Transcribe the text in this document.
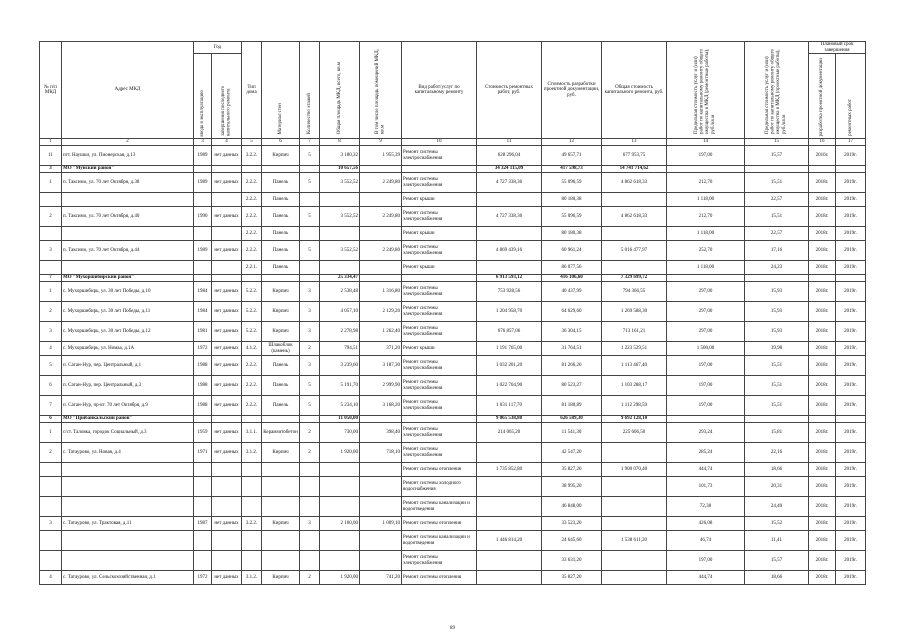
№ п/п МКД	Адрес МКД	Год		Тип дома	Материал стен	Количество этажей	Общая площадь МКД, всего, кв.м	В том числе площадь помещений МКД, кв.м	Вид работ/услуг по капитальному ремонту	Стоимость ремонтных работ, руб.	Стоимость разработки проектной документации, руб.	Общая стоимость капитального ремонта, руб.	Предельная стоимость услуг и (или) работ по капитальному ремонту общего имущества в МКД (ремонтные работы), руб./кв.м	Предельная стоимость услуг и (или) работ по капитальному ремонту общего имущества в МКД (проектные работы), руб./кв.м	Плановый срок завершения	

		ввода в эксплуатацию	завершения последнего капитального ремонта												разработка проектной документации	ремонтных работ

1	2	3	4	5	6	7	8	9	10	11	12	13	14	15	16	17
11	пгт. Наушки, ул. Пионерская, д.13	1989	нет данных	3.2.2.	Кирпич	5	3 180,32	1 955,39	Ремонт системы электроснабжения	628 296,04	49 657,71	677 953,75	197,00	15,57	2016г.	2019г.
3	МО "Муйский район"						10 657,56			34 324 115,09	417 598,73	14 741 714,62				
1	п. Таксимо, ул. 70 лет Октября, д.38	1989	нет данных	2.2.2.	Панель	5	3 552,52	2 249,80	Ремонт системы электроснабжения	4 727 338,36	55 096,59	4 862 618,33	212,70	15,51	2018г.	2019г.
				2.2.2.	Панель				Ремонт крыши		80 180,38		1 118,00	22,57	2018г.	2019г.
2	п. Таксимо, ул. 70 лет Октября, д.40	1990	нет данных	2.2.2.	Панель	5	3 552,52	2 249,80	Ремонт системы электроснабжения	4 727 338,36	55 096,59	4 862 618,33	212,70	15,51	2018г.	2019г.
				2.2.2.	Панель				Ремонт крыши		80 180,38		1 118,00	22,57	2018г.	2019г.
3	п. Таксимо, ул. 70 лет Октября, д.44	1989	нет данных	2.2.2.	Панель	5	3 552,52	2 249,80	Ремонт системы электроснабжения	4 869 439,16	60 961,24	5 016 477,97	252,70	17,16	2018г.	2019г.
				2.2.1.	Панель				Ремонт крыши		86 077,56		1 118,00	24,23	2018г.	2019г.
7	МО "Мухоршибирский район"						25 334,47			6 913 593,12	416 106,60	7 329 699,72				
1	с. Мухоршибирь, ул. 30 лет Победы, д.10	1984	нет данных	5.2.2.	Кирпич	3	2 538,48	1 316,80	Ремонт системы электроснабжения	753 928,56	40 437,99	794 366,55	297,00	15,93	2018г.	2019г.
2	с. Мухоршибирь, ул. 30 лет Победы, д.11	1984	нет данных	5.2.2.	Кирпич	3	4 057,10	2 129,20	Ремонт системы электроснабжения	1 204 958,70	64 629,60	1 269 588,30	297,00	15,93	2018г.	2019г.
3	с. Мухоршибирь, ул. 30 лет Победы, д.12	1981	нет данных	5.2.2.	Кирпич	3	2 278,98	1 262,40	Ремонт системы электроснабжения	676 857,06	36 304,15	713 161,21	297,00	15,93	2018г.	2019г.
4	с. Мухоршибирь, ул. Номаа, д.1А	1972	нет данных	4.1.2.	Шлакоблок (камень)	2	794,51	371,20	Ремонт крыши	1 191 765,00	31 764,51	1 223 529,51	1 500,00	39,98	2018г.	2019г.
5	п. Саган-Нур, пер. Центральный, д.1	1988	нет данных	2.2.2.	Панель	3	3 239,60	3 187,30	Ремонт системы электроснабжения	1 032 201,20	81 266,20	1 113 467,40	197,00	15,51	2018г.	2019г.
6	п. Саган-Нур, пер. Центральный, д.3	1988	нет данных	2.2.2.	Панель	5	5 191,70	2 999,90	Ремонт системы электроснабжения	1 022 764,90	80 523,27	1 103 288,17	197,00	15,51	2018г.	2019г.
7	п. Саган-Нур, пр-кт. 70 лет Октября, д.9	1988	нет данных	2.2.2.	Панель	5	5 234,10	3 168,20	Ремонт системы электроснабжения	1 031 117,70	81 180,89	1 112 298,59	197,00	15,51	2018г.	2019г.
6	МО "Прибайкальский район"						11 050,00			9 065 538,80	626 589,30	9 692 128,10				
1	с/ст. Таловка, городок Социальный, д.3	1959	нет данных	3.1.1.	Керамзитобетон	2	730,00	398,40	Ремонт системы электроснабжения	214 065,20	11 541,30	225 606,50	293,24	15,81	2018г.	2019г.
2	с. Татаурово, ул. Новая, д.4	1971	нет данных	3.1.2.	Кирпич	2	1 920,00	718,10	Ремонт системы электроснабжения		42 547,20		285,24	22,16	2018г.	2019г.
									Ремонт системы отопления	1 735 852,80	35 827,20	1 900 070,40	444,74	18,66	2018г.	2019г.
									Ремонт системы холодного водоснабжения		38 995,20		101,73	20,31	2018г.	2019г.
									Ремонт системы канализации и водоотведения		46 848,00		72,38	24,40	2018г.	2019г.
3	с. Татаурово, ул. Трактовая, д.11	1987	нет данных	3.2.2.	Кирпич	3	2 160,00	1 009,10	Ремонт системы отопления		33 523,20		426,08	15,52	2018г.	2019г.
									Ремонт системы канализации и водоотведения	1 446 814,20	24 645,60	1 538 611,20	46,74	11,41	2018г.	2019г.
									Ремонт системы электроснабжения		33 631,20		197,00	15,57	2018г.	2019г.
4	с. Татаурово, ул. Сельскохозяйственная, д.1	1972	нет данных	3.1.2.	Кирпич	2	1 920,00	741,20	Ремонт системы отопления		35 827,20		444,74	18,66	2018г.	2019г.
89
